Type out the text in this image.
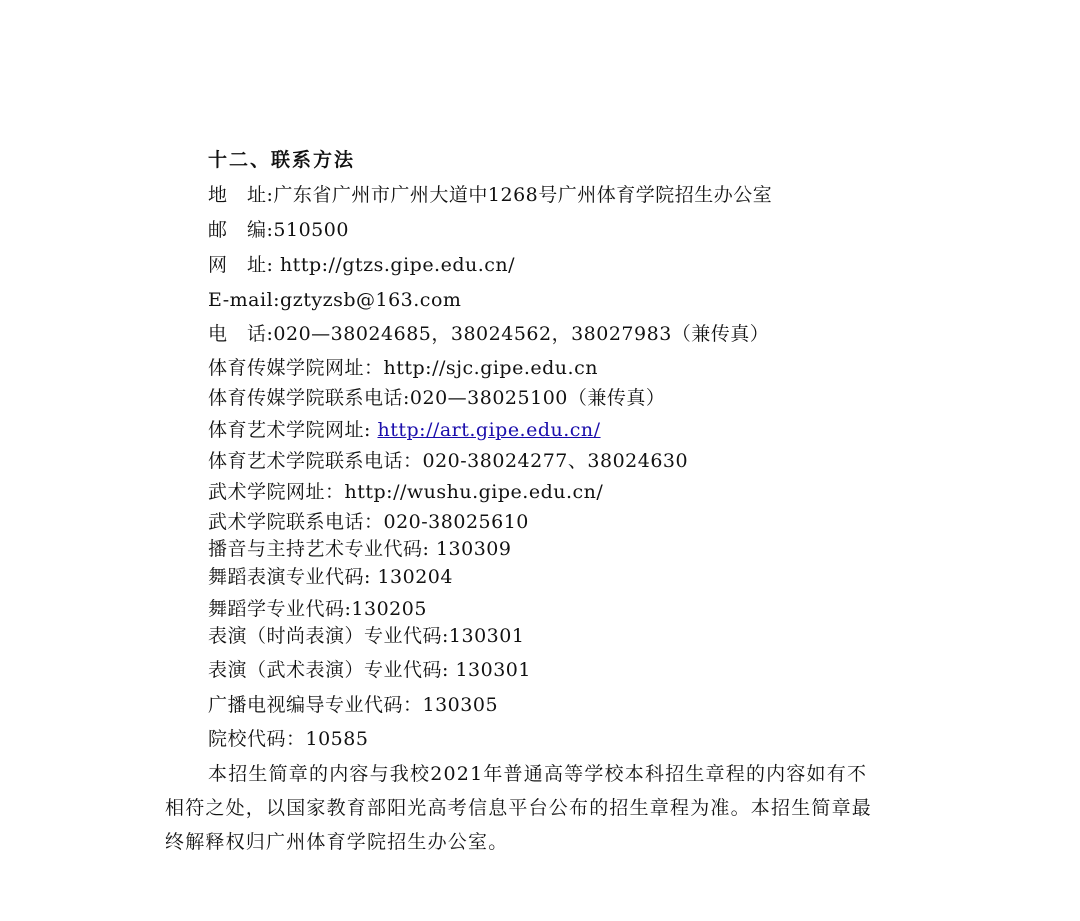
十二、联系方法
地　址:广东省广州市广州大道中1268号广州体育学院招生办公室
邮　编:510500
网　址: http://gtzs.gipe.edu.cn/
E-mail:gztyzsb@163.com
电　话:020—38024685，38024562，38027983（兼传真）
体育传媒学院网址：http://sjc.gipe.edu.cn
体育传媒学院联系电话:020—38025100（兼传真）
体育艺术学院网址: http://art.gipe.edu.cn/
体育艺术学院联系电话：020-38024277、38024630
武术学院网址：http://wushu.gipe.edu.cn/
武术学院联系电话：020-38025610
播音与主持艺术专业代码: 130309
舞蹈表演专业代码: 130204
舞蹈学专业代码:130205
表演（时尚表演）专业代码:130301
表演（武术表演）专业代码: 130301
广播电视编导专业代码：130305
院校代码：10585
本招生简章的内容与我校2021年普通高等学校本科招生章程的内容如有不
相符之处，以国家教育部阳光高考信息平台公布的招生章程为准。本招生简章最
终解释权归广州体育学院招生办公室。
